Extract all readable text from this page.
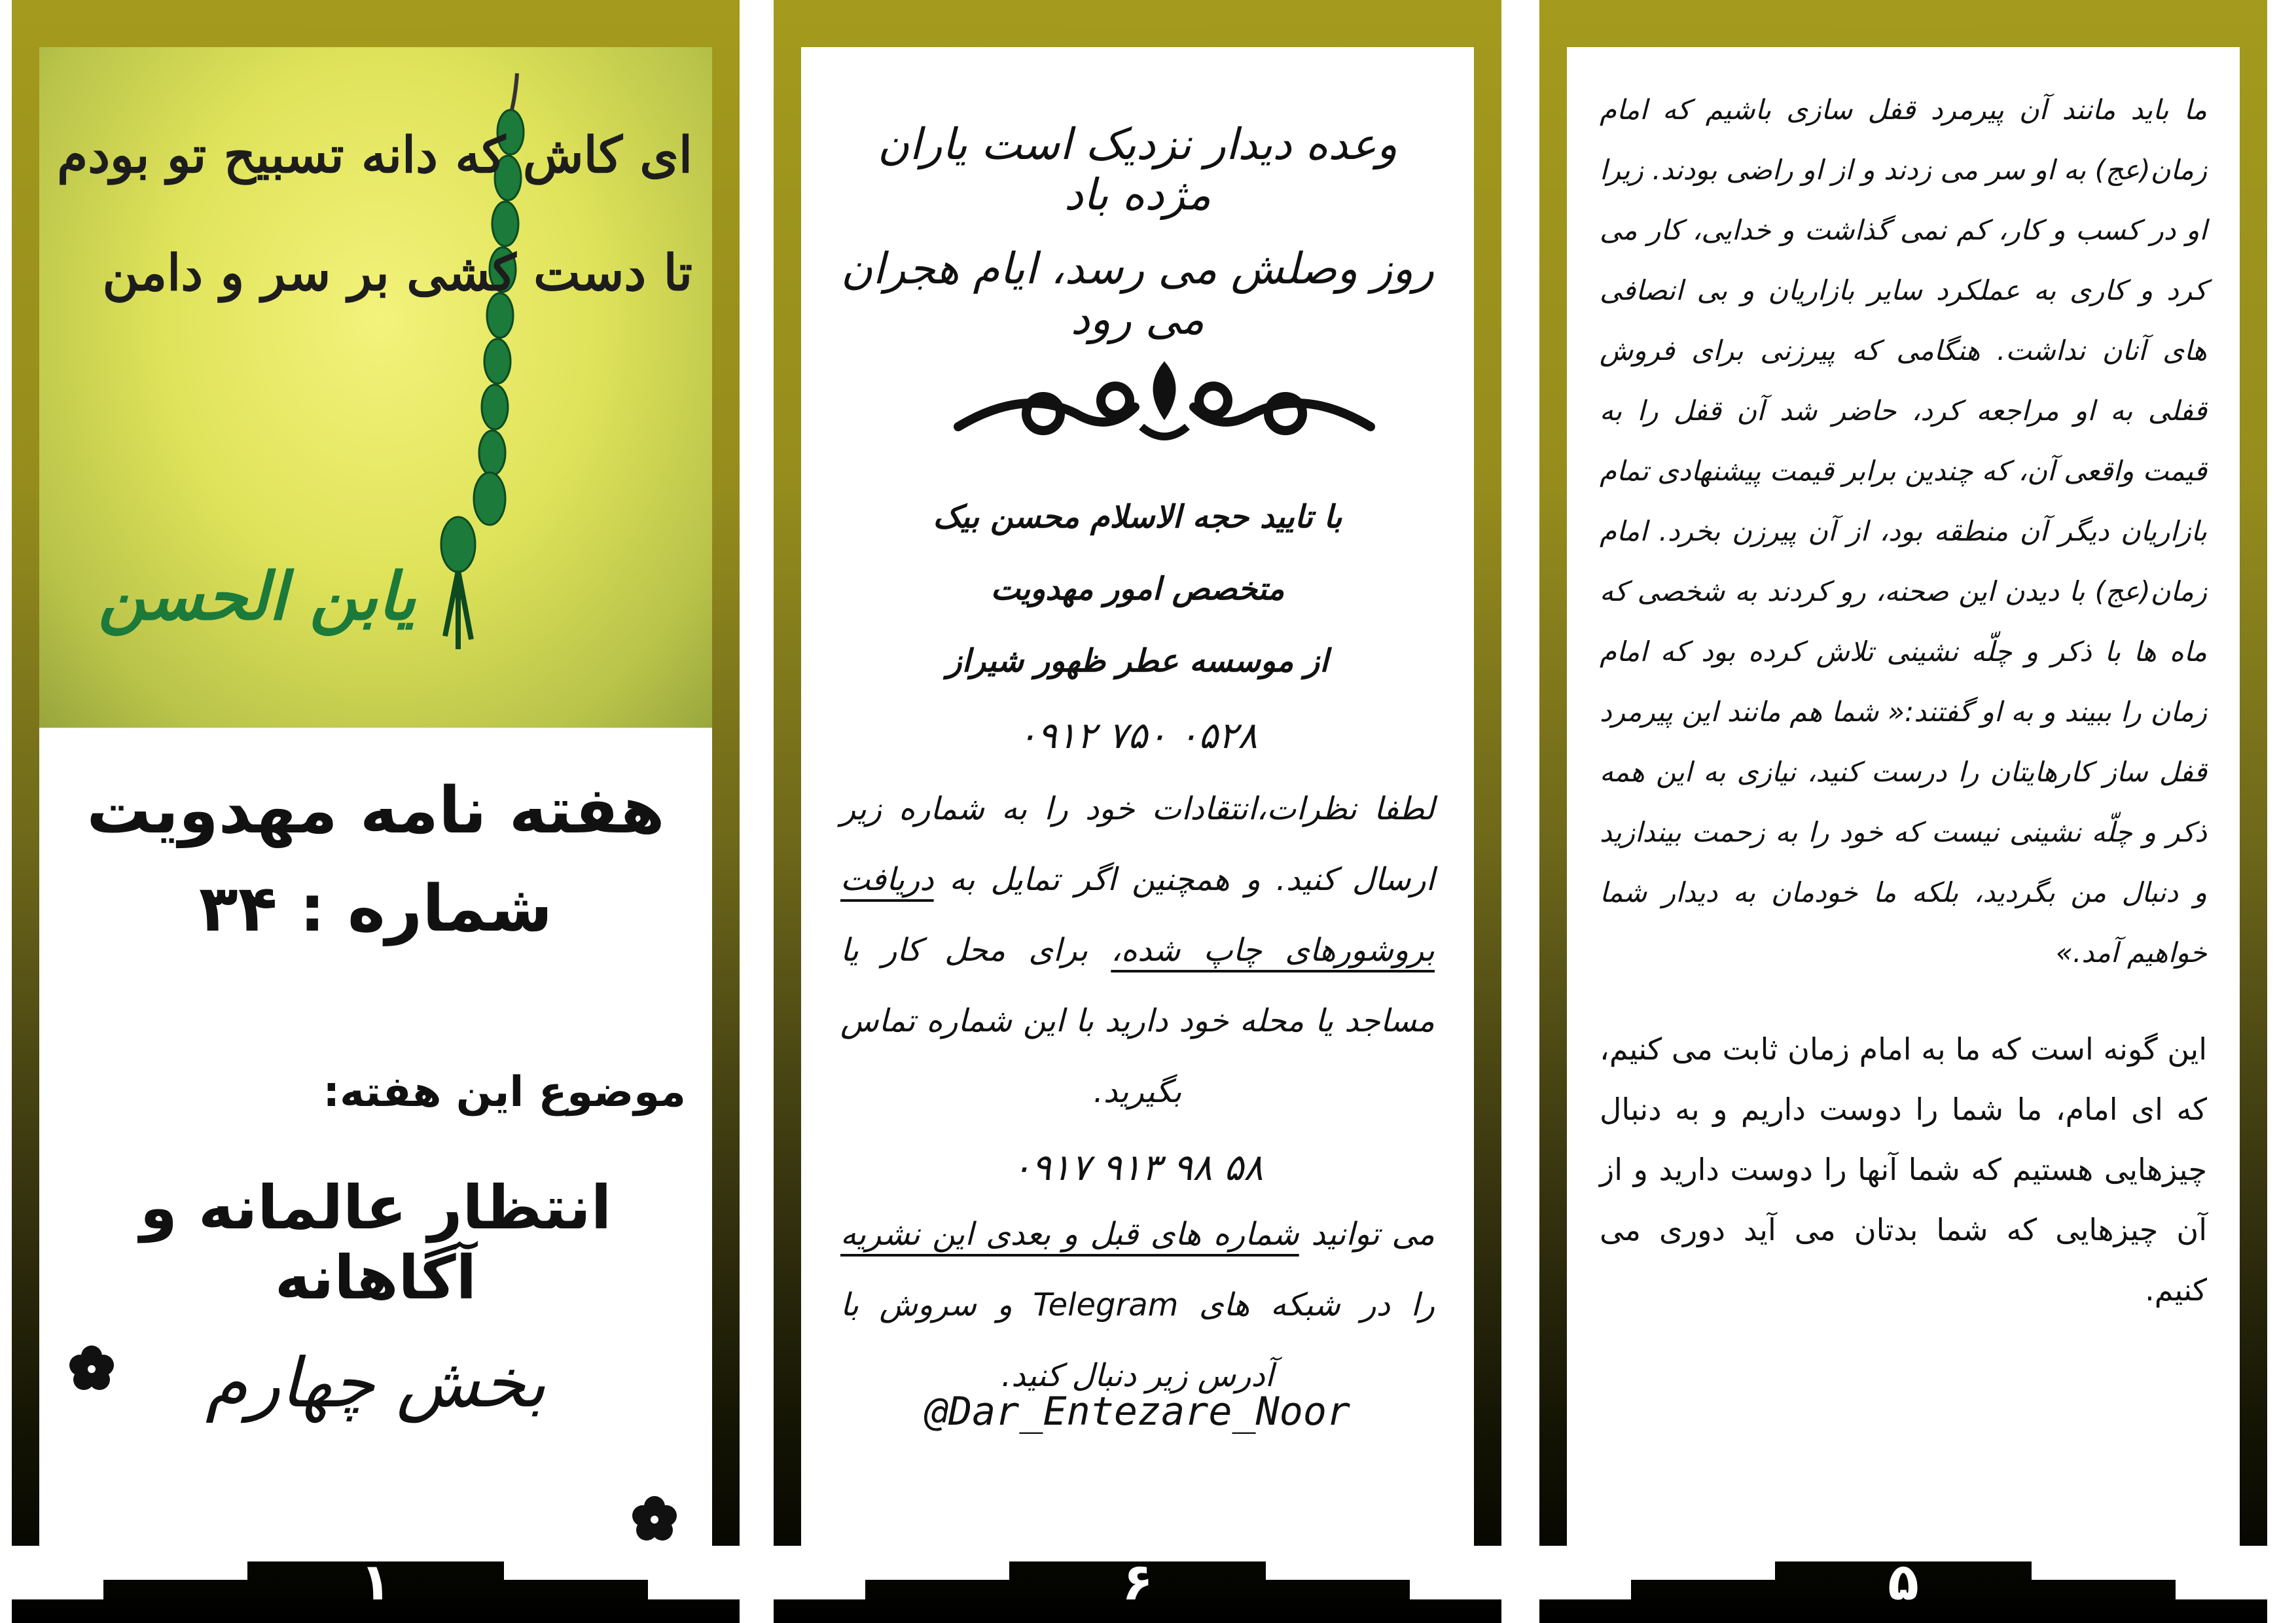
ای کاش که دانه تسبیح تو بودم
تا دست کشی بر سر و دامن
یابن الحسن
هفته نامه مهدویت
شماره : ۳۴
موضوع این هفته:
انتظار عالمانه و آگاهانه
بخش چهارم
۱
وعده دیدار نزدیک است یاران مژده باد
روز وصلش می رسد، ایام هجران می رود
با تایید حجه الاسلام محسن بیک
متخصص امور مهدویت
از موسسه عطر ظهور شیراز
۰۹۱۲ ۷۵۰ ۰۵۲۸
لطفا نظرات،انتقادات خود را به شماره زیر ارسال کنید. و همچنین اگر تمایل به دریافت بروشورهای چاپ شده، برای محل کار یا مساجد یا محله خود دارید با این شماره تماس بگیرید.
۰۹۱۷ ۹۱۳ ۹۸ ۵۸
می توانید شماره های قبل و بعدی این نشریه را در شبکه های Telegram و سروش با آدرس زیر دنبال کنید.
@Dar_Entezare_Noor
۶
ما باید مانند آن پیرمرد قفل سازی باشیم که امام زمان(عج) به او سر می زدند و از او راضی بودند. زیرا او در کسب و کار، کم نمی گذاشت و خدایی، کار می کرد و کاری به عملکرد سایر بازاریان و بی انصافی های آنان نداشت. هنگامی که پیرزنی برای فروش قفلی به او مراجعه کرد، حاضر شد آن قفل را به قیمت واقعی آن، که چندین برابر قیمت پیشنهادی تمام بازاریان دیگر آن منطقه بود، از آن پیرزن بخرد. امام زمان(عج) با دیدن این صحنه، رو کردند به شخصی که ماه ها با ذکر و چلّه نشینی تلاش کرده بود که امام زمان را ببیند و به او گفتند:« شما هم مانند این پیرمرد قفل ساز کارهایتان را درست کنید، نیازی به این همه ذکر و چلّه نشینی نیست که خود را به زحمت بیندازید و دنبال من بگردید، بلکه ما خودمان به دیدار شما خواهیم آمد.»
این گونه است که ما به امام زمان ثابت می کنیم، که ای امام، ما شما را دوست داریم و به دنبال چیزهایی هستیم که شما آنها را دوست دارید و از آن چیزهایی که شما بدتان می آید دوری می کنیم.
۵
